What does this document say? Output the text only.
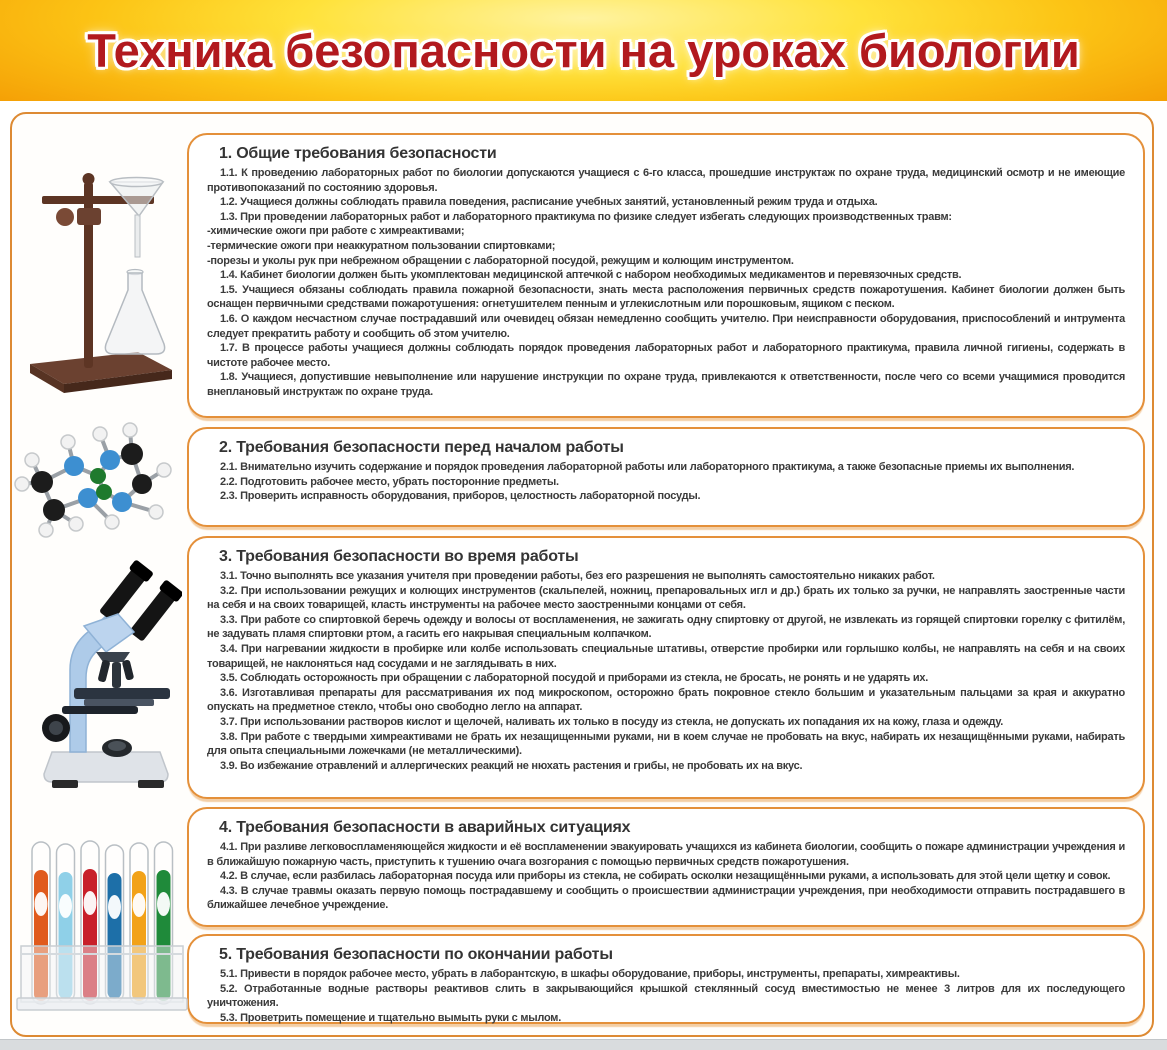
Техника безопасности на уроках биологии
1. Общие требования безопасности

1.1. К проведению лабораторных работ по биологии допускаются учащиеся с 6-го класса, прошедшие инструктаж по охране труда, медицинский осмотр и не имеющие противопоказаний по состоянию здоровья.

1.2. Учащиеся должны соблюдать правила поведения, расписание учебных занятий, установленный режим труда и отдыха.

1.3. При проведении лабораторных работ и лабораторного практикума по физике следует избегать следующих производственных травм:

-химические ожоги при работе с химреактивами;

-термические ожоги при неаккуратном пользовании спиртовками;

-порезы и уколы рук при небрежном обращении с лабораторной посудой, режущим и колющим инструментом.

1.4. Кабинет биологии должен быть укомплектован медицинской аптечкой с набором необходимых медикаментов и перевязочных средств.

1.5. Учащиеся обязаны соблюдать правила пожарной безопасности, знать места расположения первичных средств пожаротушения. Кабинет биологии должен быть оснащен первичными средствами пожаротушения: огнетушителем пенным и углекислотным или порошковым, ящиком с песком.

1.6. О каждом несчастном случае пострадавший или очевидец обязан немедленно сообщить учителю. При неисправности оборудования, приспособлений и интрумента следует прекратить работу и сообщить об этом учителю.

1.7. В процессе работы учащиеся должны соблюдать порядок проведения лабораторных работ и лабораторного практикума, правила личной гигиены, содержать в чистоте рабочее место.

1.8. Учащиеся, допустившие невыполнение или нарушение инструкции по охране труда, привлекаются к ответственности, после чего со всеми учащимися проводится внеплановый инструктаж по охране труда.

2. Требования безопасности перед началом работы

2.1. Внимательно изучить содержание и порядок проведения лабораторной работы или лабораторного практикума, а также безопасные приемы их выполнения.

2.2. Подготовить рабочее место, убрать посторонние предметы.

2.3. Проверить исправность оборудования, приборов, целостность лабораторной посуды.

3. Требования безопасности во время работы

3.1. Точно выполнять все указания учителя при проведении работы, без его разрешения не выполнять самостоятельно никаких работ.

3.2. При использовании режущих и колющих инструментов (скальпелей, ножниц, препаровальных игл и др.) брать их только за ручки, не направлять заостренные части на себя и на своих товарищей, класть инструменты на рабочее место заостренными концами от себя.

3.3. При работе со спиртовкой беречь одежду и волосы от воспламенения, не зажигать одну спиртовку от другой, не извлекать из горящей спиртовки горелку с фитилём, не задувать пламя спиртовки ртом, а гасить его накрывая специальным колпачком.

3.4. При нагревании жидкости в пробирке или колбе использовать специальные штативы, отверстие пробирки или горлышко колбы, не направлять на себя и на своих товарищей, не наклоняться над сосудами и не заглядывать в них.

3.5. Соблюдать осторожность при обращении с лабораторной посудой и приборами из стекла, не бросать, не ронять и не ударять их.

3.6. Изготавливая препараты для рассматривания их под микроскопом, осторожно брать покровное стекло большим и указательным пальцами за края и аккуратно опускать на предметное стекло, чтобы оно свободно легло на аппарат.

3.7. При использовании растворов кислот и щелочей, наливать их только в посуду из стекла, не допускать их попадания их на кожу, глаза и одежду.

3.8. При работе с твердыми химреактивами не брать их незащищенными руками, ни в коем случае не пробовать на вкус, набирать их незащищёнными руками, набирать для опыта специальными ложечками (не металлическими).

3.9. Во избежание отравлений и аллергических реакций не нюхать растения и грибы, не пробовать их на вкус.

4. Требования безопасности в аварийных ситуациях

4.1. При разливе легковоспламеняющейся жидкости и её воспламенении эвакуировать учащихся из кабинета биологии, сообщить о пожаре администрации учреждения и в ближайшую пожарную часть, приступить к тушению очага возгорания с помощью первичных средств пожаротушения.

4.2. В случае, если разбилась лабораторная посуда или приборы из стекла, не собирать осколки незащищёнными руками, а использовать для этой цели щетку и совок.

4.3. В случае травмы оказать первую помощь пострадавшему и сообщить о происшествии администрации учреждения, при необходимости отправить пострадавшего в ближайшее лечебное учреждение.

5. Требования безопасности по окончании работы

5.1. Привести в порядок рабочее место, убрать в лаборантскую, в шкафы оборудование, приборы, инструменты, препараты, химреактивы.

5.2. Отработанные водные растворы реактивов слить в закрывающийся крышкой стеклянный сосуд вместимостью не менее 3 литров для их последующего уничтожения.

5.3. Проветрить помещение и тщательно вымыть руки с мылом.
